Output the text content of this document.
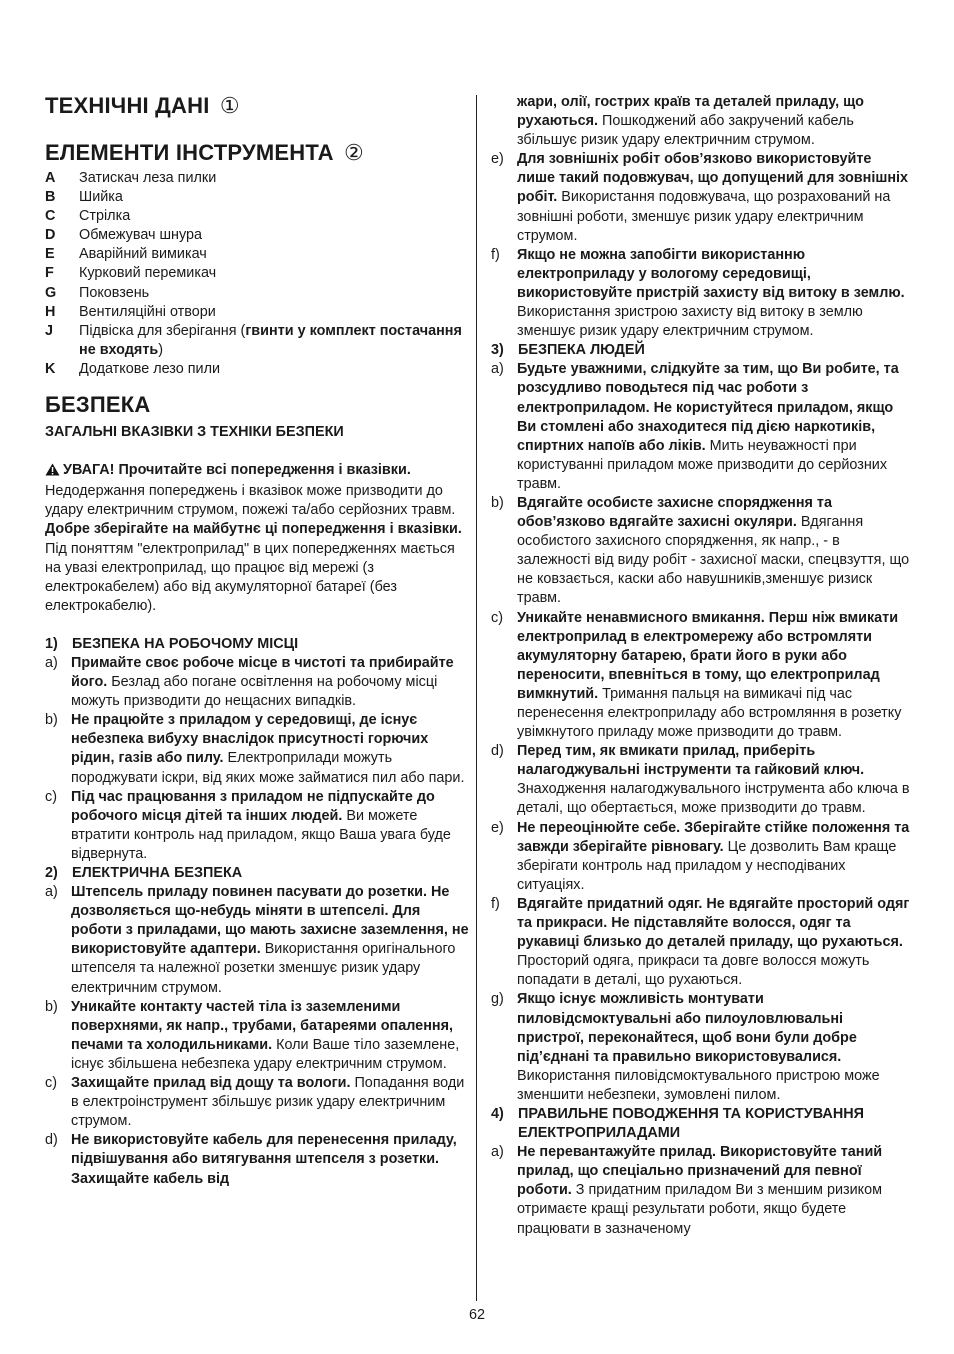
ТЕХНІЧНІ ДАНІ ①
ЕЛЕМЕНТИ ІНСТРУМЕНТА ②
A	Затискач леза пилки
B	Шийка
C	Стрілка
D	Обмежувач шнура
E	Аварійний вимикач
F	Курковий перемикач
G	Поковзень
H	Вентиляційні отвори
J	Підвіска для зберігання (гвинти у комплект постачання не входять)
K	Додаткове лезо пили
БЕЗПЕКА
ЗАГАЛЬНІ ВКАЗІВКИ З ТЕХНІКИ БЕЗПЕКИ
УВАГА! Прочитайте всі попередження і вказівки. Недодержання попереджень і вказівок може призводити до удару електричним струмом, пожежі та/або серйозних травм. Добре зберігайте на майбутнє ці попередження і вказівки. Під поняттям "електроприлад" в цих попередженнях мається на увазі електроприлад, що працює від мережі (з електрокабелем) або від акумуляторної батареї (без електрокабелю).
1) БЕЗПЕКА НА РОБОЧОМУ МІСЦІ
a) Примайте своє робоче місце в чистоті та прибирайте його. Безлад або погане освітлення на робочому місці можуть призводити до нещасних випадків.
b) Не працюйте з приладом у середовищі, де існує небезпека вибуху внаслідок присутності горючих рідин, газів або пилу. Електроприлади можуть породжувати іскри, від яких може займатися пил або пари.
c) Під час працювання з приладом не підпускайте до робочого місця дітей та інших людей. Ви можете втратити контроль над приладом, якщо Ваша увага буде відвернута.
2) ЕЛЕКТРИЧНА БЕЗПЕКА
a) Штепсель приладу повинен пасувати до розетки. Не дозволяється що-небудь міняти в штепселі. Для роботи з приладами, що мають захисне заземлення, не використовуйте адаптери. Використання оригінального штепселя та належної розетки зменшує ризик удару електричним струмом.
b) Уникайте контакту частей тіла із заземленими поверхнями, як напр., трубами, батареями опалення, печами та холодильниками. Коли Ваше тіло заземлене, існує збільшена небезпека удару електричним струмом.
c) Захищайте прилад від дощу та вологи. Попадання води в електроінструмент збільшує ризик удару електричним струмом.
d) Не використовуйте кабель для перенесення приладу, підвішування або витягування штепселя з розетки. Захищайте кабель від
жари, олії, гострих країв та деталей приладу, що рухаються. Пошкоджений або закручений кабель збільшує ризик удару електричним струмом.
e) Для зовнішніх робіт обов’язково використовуйте лише такий подовжувач, що допущений для зовнішніх робіт. Використання подовжувача, що розрахований на зовнішні роботи, зменшує ризик удару електричним струмом.
f)	Якщо не можна запобігти використанню електроприладу у вологому середовищі, використовуйте пристрій захисту від витоку в землю. Використання зристрою захисту від витоку в землю зменшує ризик удару електричним струмом.
3) БЕЗПЕКА ЛЮДЕЙ
a) Будьте уважними, слідкуйте за тим, що Ви робите, та розсудливо поводьтеся під час роботи з електроприладом. Не користуйтеся приладом, якщо Ви стомлені або знаходитеся під дією наркотиків, спиртних напоїв або ліків. Мить неуважності при користуванні приладом може призводити до серйозних травм.
b) Вдягайте особисте захисне спорядження та обов’язково вдягайте захисні окуляри. Вдягання особистого захисного спорядження, як напр., - в залежності від виду робіт - захисної маски, спецвзуття, що не ковзається, каски або навушників,зменшує ризиск травм.
c) Уникайте ненавмисного вмикання. Перш ніж вмикати електроприлад в електромережу або встромляти акумуляторну батарею, брати його в руки або переносити, впевніться в тому, що електроприлад вимкнутий. Тримання пальця на вимикачі під час перенесення електроприладу або встромляння в розетку увімкнутого приладу може призводити до травм.
d) Перед тим, як вмикати прилад, приберіть налагоджувальні інструменти та гайковий ключ. Знаходження налагоджувального інструмента або ключа в деталі, що обертається, може призводити до травм.
e) Не переоцінюйте себе. Зберігайте стійке положення та завжди зберігайте рівновагу. Це дозволить Вам краще зберігати контроль над приладом у несподіваних ситуаціях.
f)	Вдягайте придатний одяг. Не вдягайте просторий одяг та прикраси. Не підставляйте волосся, одяг та рукавиці близько до деталей приладу, що рухаються. Просторий одяга, прикраси та довге волосся можуть попадати в деталі, що рухаються.
g) Якщо існує можливість монтувати пиловідсмоктувальні або пилоуловлювальні пристрої, переконайтеся, щоб вони були добре під’єднані та правильно використовувалися. Використання пиловідсмоктувального пристрою може зменшити небезпеки, зумовлені пилом.
4) ПРАВИЛЬНЕ ПОВОДЖЕННЯ ТА КОРИСТУВАННЯ ЕЛЕКТРОПРИЛАДАМИ
a) Не перевантажуйте прилад. Використовуйте таний прилад, що спеціально призначений для певної роботи. З придатним приладом Ви з меншим ризиком отримаєте кращі результати роботи, якщо будете працювати в зазначеному
62
